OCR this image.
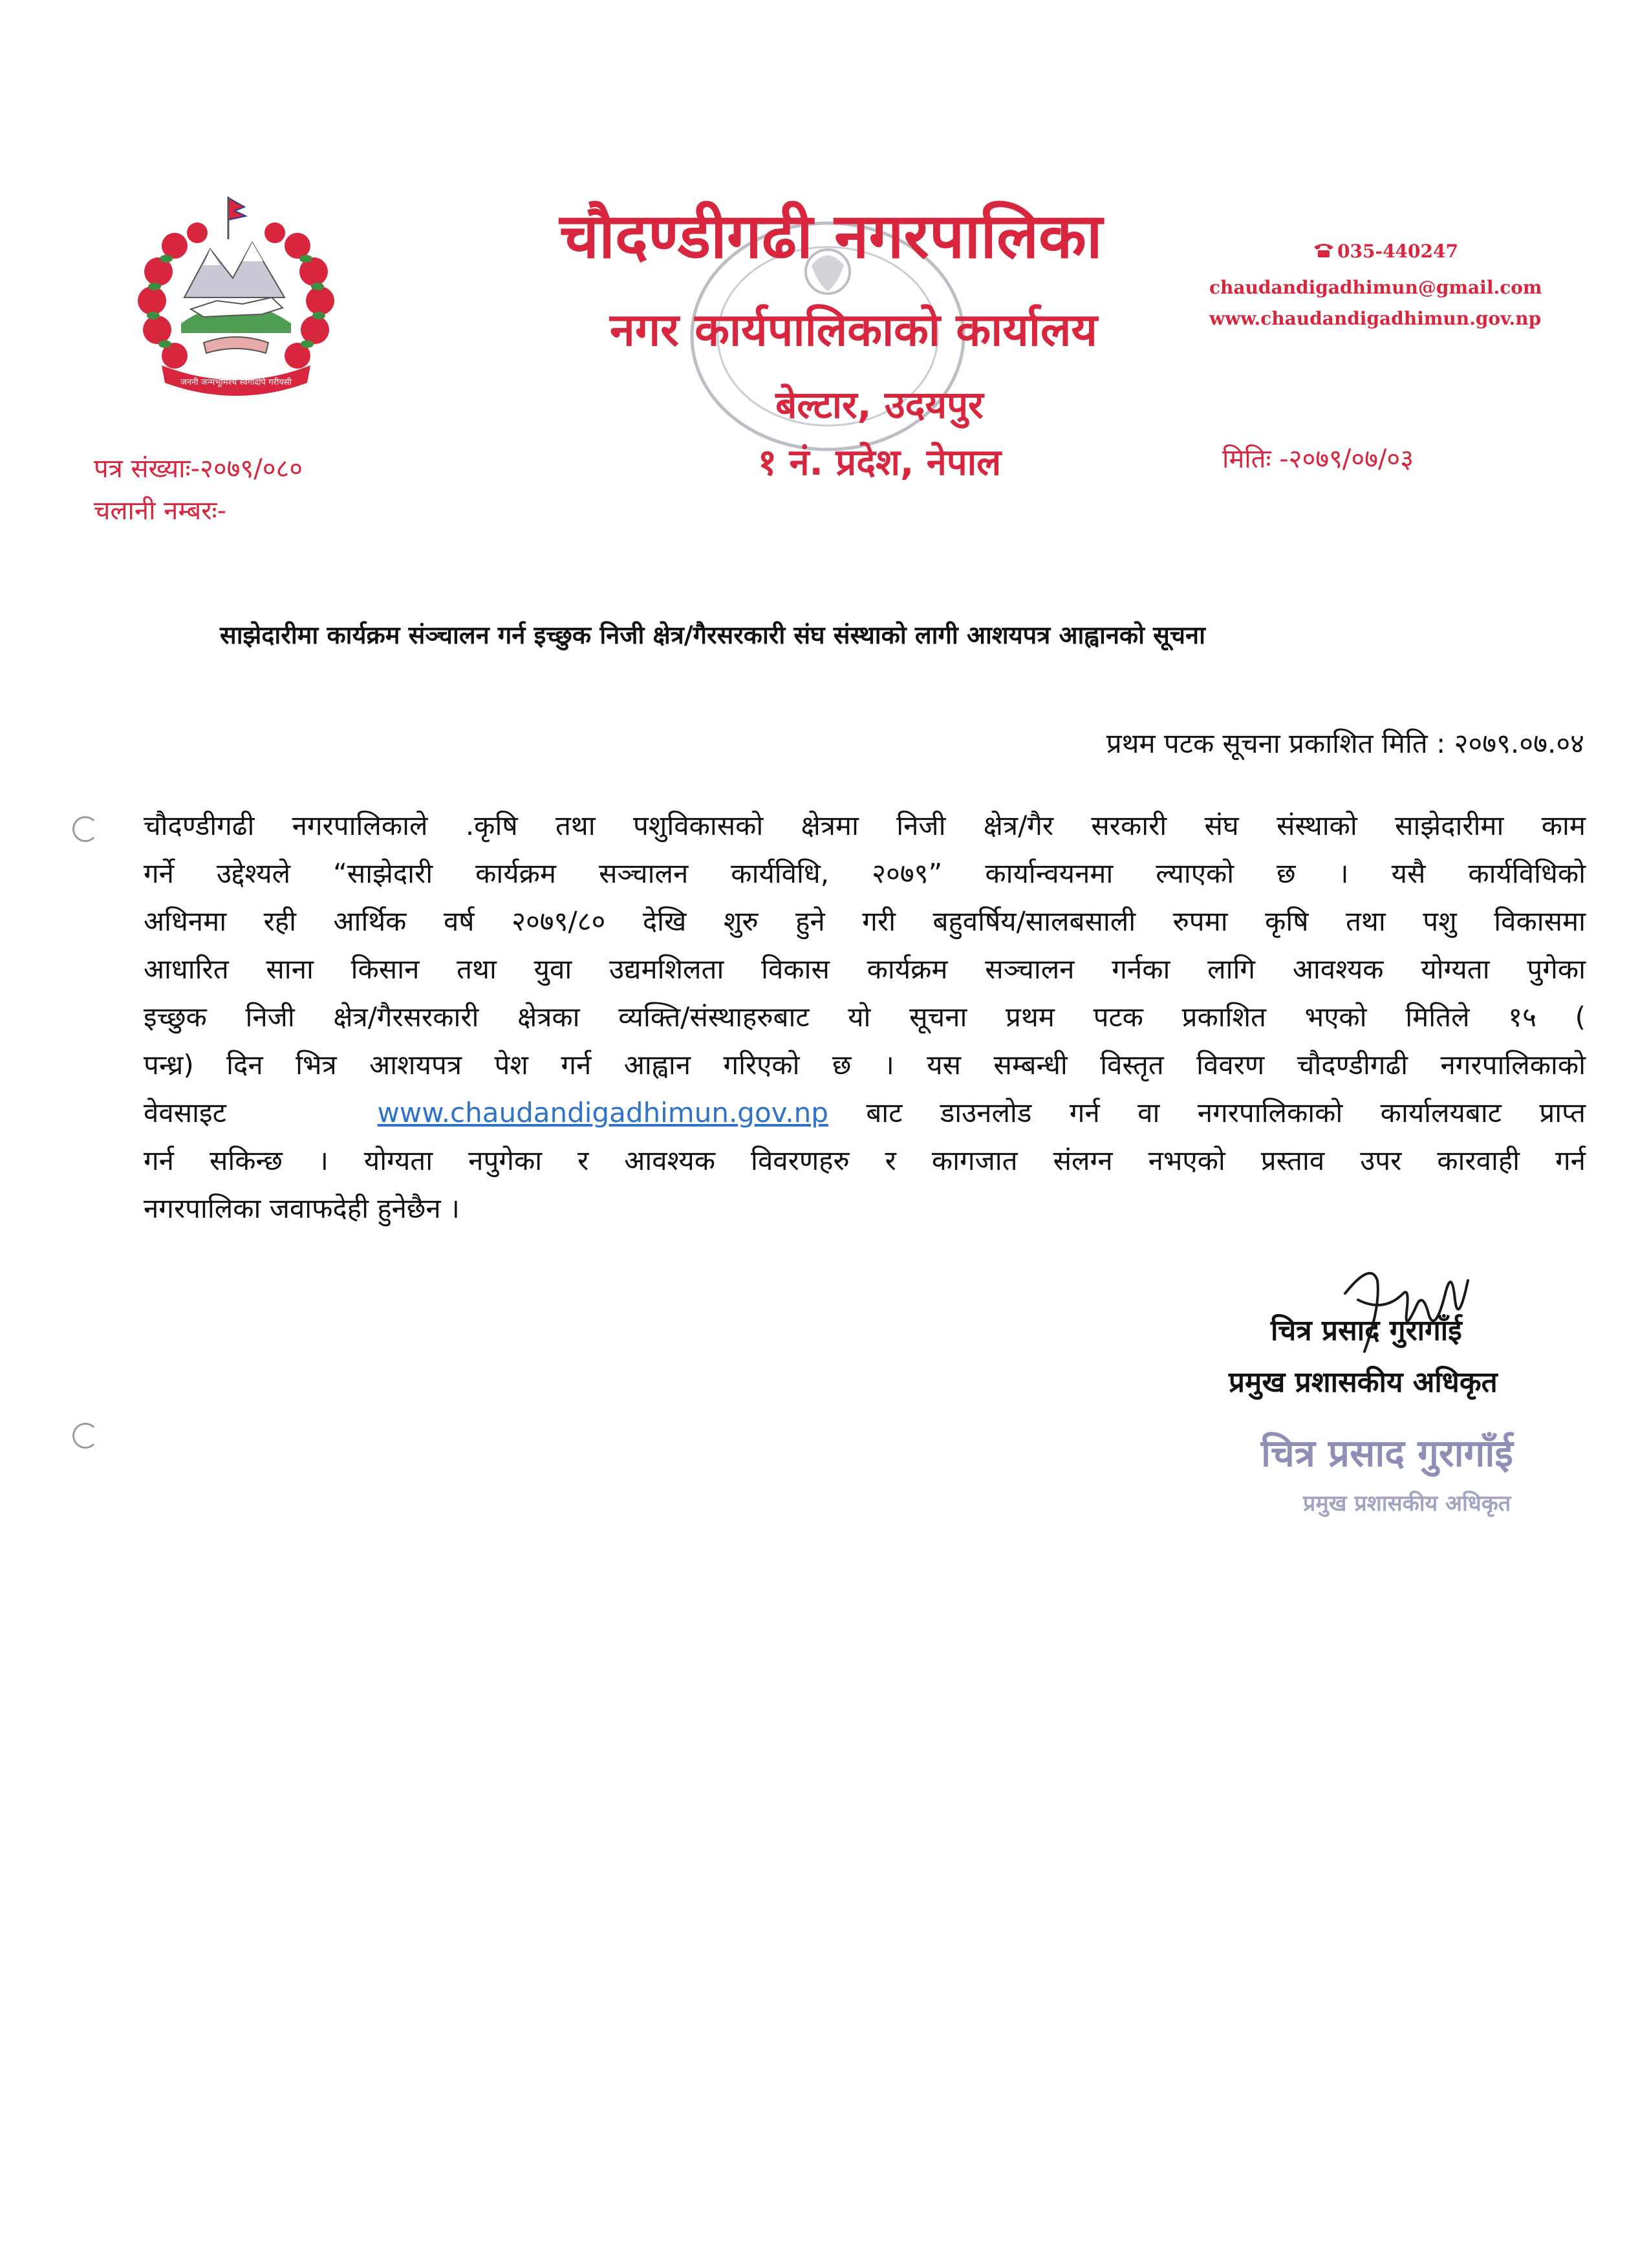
जननी जन्मभूमिश्च स्वर्गादपि गरीयसी
चौदण्डीगढी नगरपालिका
नगर कार्यपालिकाको कार्यालय
बेल्टार, उदयपुर
१ नं. प्रदेश, नेपाल
035-440247
chaudandigadhimun@gmail.com
www.chaudandigadhimun.gov.np
पत्र संख्याः-२०७९/०८०
चलानी नम्बरः-
मितिः -२०७९/०७/०३
साझेदारीमा कार्यक्रम संञ्चालन गर्न इच्छुक निजी क्षेत्र/गैरसरकारी संघ संस्थाको लागी आशयपत्र आह्वानको सूचना
प्रथम पटक सूचना प्रकाशित मिति : २०७९.०७.०४
चौदण्डीगढी नगरपालिकाले .कृषि तथा पशुविकासको क्षेत्रमा निजी क्षेत्र/गैर सरकारी संघ संस्थाको साझेदारीमा काम
गर्ने उद्देश्यले “साझेदारी कार्यक्रम सञ्चालन कार्यविधि, २०७९” कार्यान्वयनमा ल्याएको छ । यसै कार्यविधिको
अधिनमा रही आर्थिक वर्ष २०७९/८० देखि शुरु हुने गरी बहुवर्षिय/सालबसाली रुपमा कृषि तथा पशु विकासमा
आधारित साना किसान तथा युवा उद्यमशिलता विकास कार्यक्रम सञ्चालन गर्नका लागि आवश्यक योग्यता पुगेका
इच्छुक निजी क्षेत्र/गैरसरकारी क्षेत्रका व्यक्ति/संस्थाहरुबाट यो सूचना प्रथम पटक प्रकाशित भएको मितिले १५ (
पन्ध्र) दिन भित्र आशयपत्र पेश गर्न आह्वान गरिएको छ । यस सम्बन्धी विस्तृत विवरण चौदण्डीगढी नगरपालिकाको
वेवसाइट	www.chaudandigadhimun.gov.np बाट डाउनलोड गर्न वा नगरपालिकाको कार्यालयबाट प्राप्त
गर्न सकिन्छ । योग्यता नपुगेका र आवश्यक विवरणहरु र कागजात संलग्न नभएको प्रस्ताव उपर कारवाही गर्न
नगरपालिका जवाफदेही हुनेछैन ।
चित्र प्रसाद गुरागाँई
प्रमुख प्रशासकीय अधिकृत
चित्र प्रसाद गुरागाँई
प्रमुख प्रशासकीय अधिकृत
